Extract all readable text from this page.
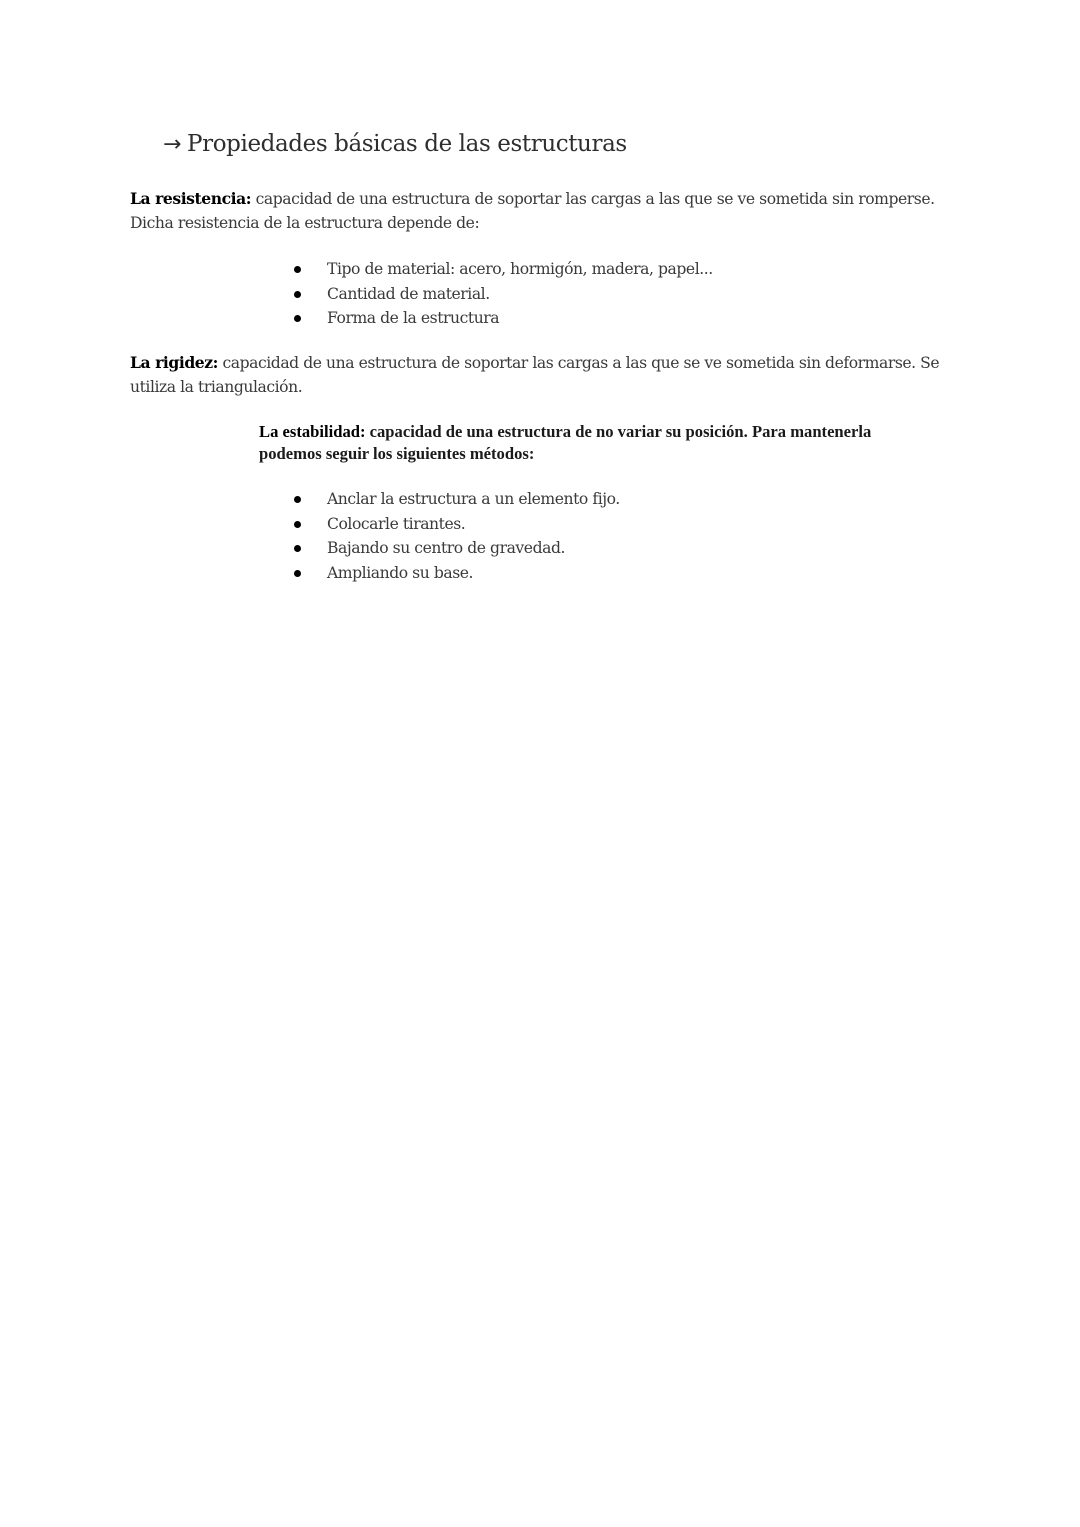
→ Propiedades básicas de las estructuras

La resistencia: capacidad de una estructura de soportar las cargas a las que se ve sometida sin romperse. Dicha resistencia de la estructura depende de:

Tipo de material: acero, hormigón, madera, papel...
Cantidad de material.
Forma de la estructura

La rigidez: capacidad de una estructura de soportar las cargas a las que se ve sometida sin deformarse. Se utiliza la triangulación.

La estabilidad: capacidad de una estructura de no variar su posición. Para mantenerla podemos seguir los siguientes métodos:

Anclar la estructura a un elemento fijo.
Colocarle tirantes.
Bajando su centro de gravedad.
Ampliando su base.
